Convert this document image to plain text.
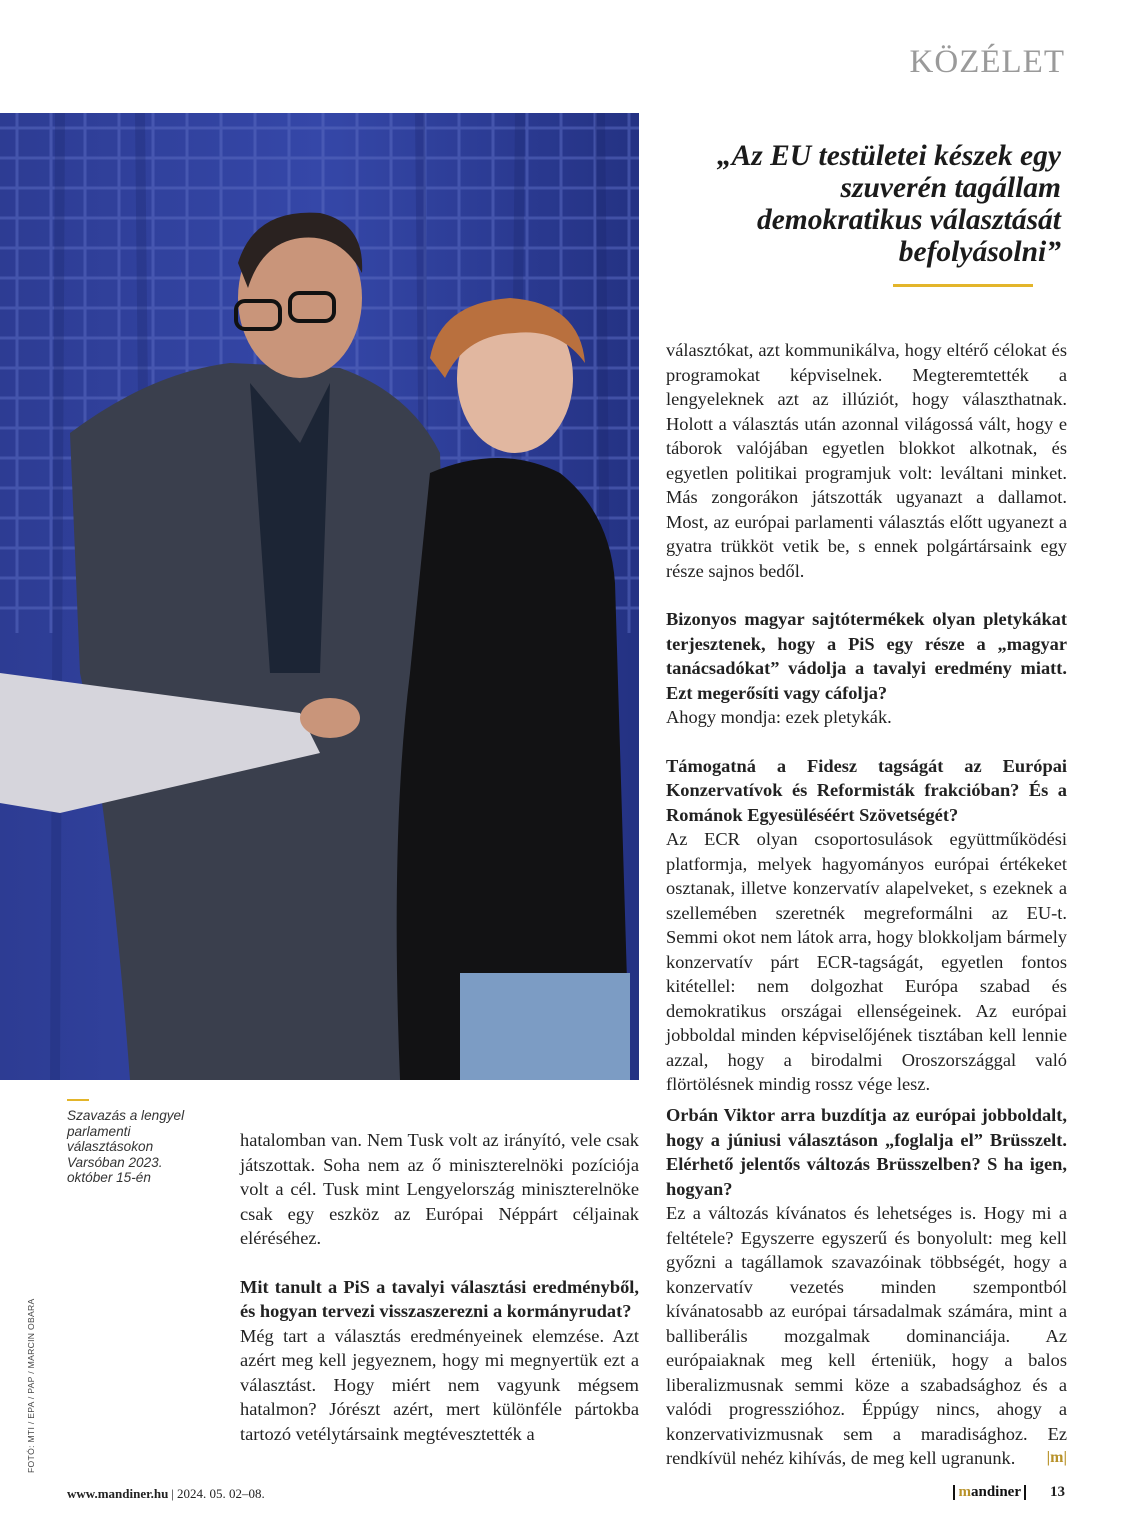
KÖZÉLET
„Az EU testületei készek egy szuverén tagállam demokratikus választását befolyásolni”

választókat, azt kommunikálva, hogy eltérő célokat és programokat képviselnek. Megteremtették a lengyeleknek azt az illúziót, hogy választhatnak. Holott a választás után azonnal világossá vált, hogy e táborok valójában egyetlen blokkot alkotnak, és egyetlen politikai programjuk volt: leváltani minket. Más zongorákon játszották ugyanazt a dallamot. Most, az európai parlamenti választás előtt ugyanezt a gyatra trükköt vetik be, s ennek polgártársaink egy része sajnos bedől.

Bizonyos magyar sajtótermékek olyan pletykákat terjesztenek, hogy a PiS egy része a „magyar tanácsadókat” vádolja a tavalyi eredmény miatt. Ezt megerősíti vagy cáfolja?

Ahogy mondja: ezek pletykák.

Támogatná a Fidesz tagságát az Európai Konzervatívok és Reformisták frakcióban? És a Románok Egyesüléséért Szövetségét?

Az ECR olyan csoportosulások együttműködési platformja, melyek hagyományos európai értékeket osztanak, illetve konzervatív alapelveket, s ezeknek a szellemében szeretnék megreformálni az EU-t. Semmi okot nem látok arra, hogy blokkoljam bármely konzervatív párt ECR-tagságát, egyetlen fontos kitétellel: nem dolgozhat Európa szabad és demokratikus országai ellenségeinek. Az európai jobboldal minden képviselőjének tisztában kell lennie azzal, hogy a birodalmi Oroszországgal való flörtölésnek mindig rossz vége lesz.

Orbán Viktor arra buzdítja az európai jobboldalt, hogy a júniusi választáson „foglalja el” Brüsszelt. Elérhető jelentős változás Brüsszelben? S ha igen, hogyan?

Ez a változás kívánatos és lehetséges is. Hogy mi a feltétele? Egyszerre egyszerű és bonyolult: meg kell győzni a tagállamok szavazóinak többségét, hogy a konzervatív vezetés minden szempontból kívánatosabb az európai társadalmak számára, mint a balliberális mozgalmak dominanciája. Az európaiaknak meg kell érteniük, hogy a balos liberalizmusnak semmi köze a szabadsághoz és a valódi progresszióhoz. Éppúgy nincs, ahogy a konzervativizmusnak sem a maradisághoz. Ez rendkívül nehéz kihívás, de meg kell ugranunk. |m|

Szavazás a lengyel parlamenti választásokon Varsóban 2023. október 15-én

hatalomban van. Nem Tusk volt az irányító, vele csak játszottak. Soha nem az ő miniszterelnöki pozíciója volt a cél. Tusk mint Lengyelország miniszterelnöke csak egy eszköz az Európai Néppárt céljainak eléréséhez.

Mit tanult a PiS a tavalyi választási eredményből, és hogyan tervezi visszaszerezni a kormányrudat?

Még tart a választás eredményeinek elemzése. Azt azért meg kell jegyeznem, hogy mi megnyertük ezt a választást. Hogy miért nem vagyunk mégsem hatalmon? Jórészt azért, mert különféle pártokba tartozó vetélytársaink megtévesztették a

FOTÓ: MTI / EPA / PAP / MARCIN OBARA
www.mandiner.hu | 2024. 05. 02–08.	mandiner	13
